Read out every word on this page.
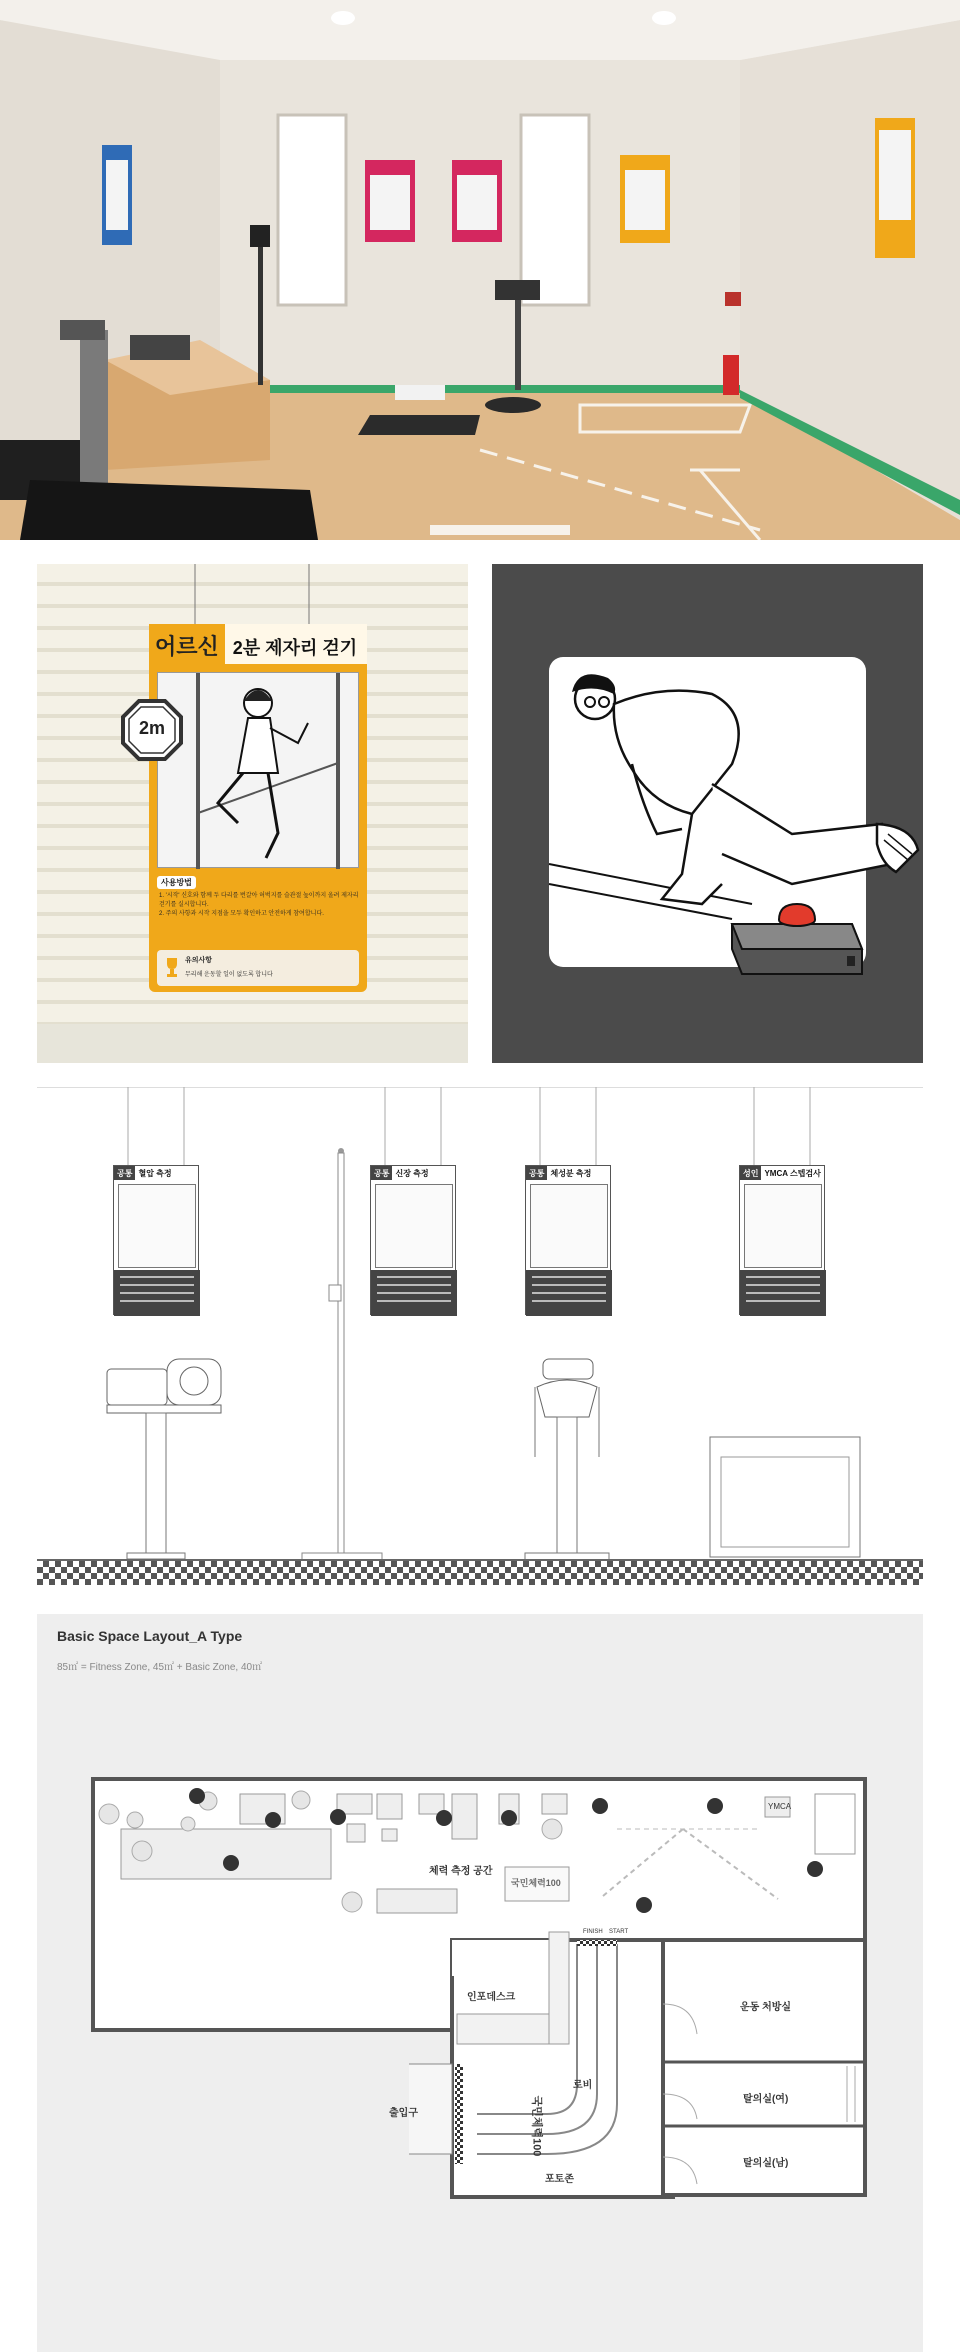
어르신 2분 제자리 걷기
사용방법
1. '시작' 신호와 함께 두 다리를 번갈아 허벅지를 슬관절 높이까지 올려 제자리 걷기를 실시합니다.
2. 주의 사항과 시작 지점을 모두 확인하고 안전하게 참여합니다.
유의사항
무리해 운동할 일이 없도록 합니다
2m
공통 혈압 측정	공통 신장 측정	공통 체성분 측정	성인 YMCA 스텝검사
Basic Space Layout_A Type
85㎡ = Fitness Zone, 45㎡ + Basic Zone, 40㎡
체력 측정 공간
인포데스크
로비
출입구
포토존
운동 처방실
탈의실(여)
탈의실(남)
FINISH START
국민체력100
YMCA
국민체력100
